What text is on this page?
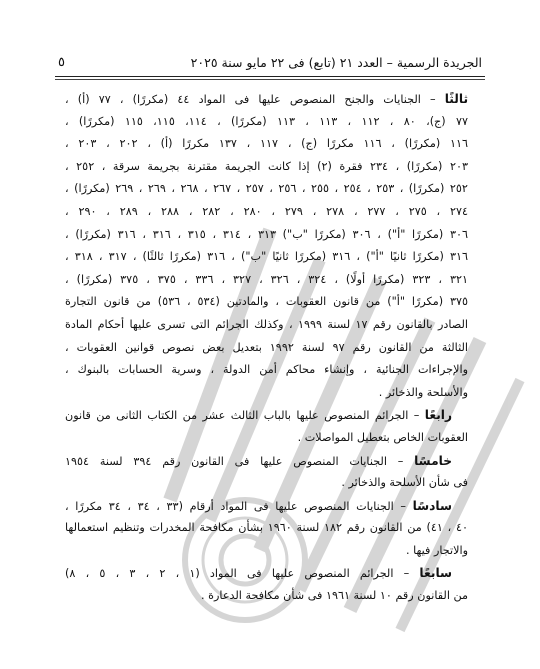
الجريدة الرسمية – العدد ٢١ (تابع) فى ٢٢ مايو سنة ٢٠٢٥
٥
ثالثًا – الجنايات والجنح المنصوص عليها فى المواد ٤٤ (مكررًا) ، ٧٧ (أ) ،
٧٧ (ج)، ٨٠ ، ١١٢ ، ١١٣ ، ١١٣ (مكررًا) ، ١١٤، ١١٥، ١١٥ (مكررًا) ،
١١٦ (مكررًا) ، ١١٦ مكررًا (ج) ، ١١٧ ، ١٣٧ مكررًا (أ) ، ٢٠٢ ، ٢٠٣ ،
٢٠٣ (مكررًا) ، ٢٣٤ فقرة (٢) إذا كانت الجريمة مقترنة بجريمة سرقة ، ٢٥٢ ،
٢٥٢ (مكررًا) ، ٢٥٣ ، ٢٥٤ ، ٢٥٥ ، ٢٥٦ ، ٢٥٧ ، ٢٦٧ ، ٢٦٨ ، ٢٦٩ ، ٢٦٩ (مكررًا) ،
٢٧٤ ، ٢٧٥ ، ٢٧٧ ، ٢٧٨ ، ٢٧٩ ، ٢٨٠ ، ٢٨٢ ، ٢٨٨ ، ٢٨٩ ، ٢٩٠ ،
٣٠٦ (مكررًا "أ") ، ٣٠٦ (مكررًا "ب") ٣١٣ ، ٣١٤ ، ٣١٥ ، ٣١٦ ، ٣١٦ (مكررًا) ،
٣١٦ (مكررًا ثانيًا "أ") ، ٣١٦ (مكررًا ثانيًا "ب") ، ٣١٦ (مكررًا ثالثًا) ، ٣١٧ ، ٣١٨ ،
٣٢١ ، ٣٢٣ (مكررًا أولًا) ، ٣٢٤ ، ٣٢٦ ، ٣٢٧ ، ٣٣٦ ، ٣٧٥ ، ٣٧٥ (مكررًا) ،
٣٧٥ (مكررًا "أ") من قانون العقوبات ، والمادتين (٥٣٤ ، ٥٣٦) من قانون التجارة
الصادر بالقانون رقم ١٧ لسنة ١٩٩٩ ، وكذلك الجرائم التى تسرى عليها أحكام المادة
الثالثة من القانون رقم ٩٧ لسنة ١٩٩٢ بتعديل بعض نصوص قوانين العقوبات ،
والإجراءات الجنائية ، وإنشاء محاكم أمن الدولة ، وسرية الحسابات بالبنوك ،
والأسلحة والذخائر .
رابعًا – الجرائم المنصوص عليها بالباب الثالث عشر من الكتاب الثانى من قانون
العقوبات الخاص بتعطيل المواصلات .
خامسًا – الجنايات المنصوص عليها فى القانون رقم ٣٩٤ لسنة ١٩٥٤
فى شأن الأسلحة والذخائر .
سادسًا – الجنايات المنصوص عليها فى المواد أرقام (٣٣ ، ٣٤ ، ٣٤ مكررًا ،
٤٠ ، ٤١) من القانون رقم ١٨٢ لسنة ١٩٦٠ بشأن مكافحة المخدرات وتنظيم استعمالها
والاتجار فيها .
سابعًا – الجرائم المنصوص عليها فى المواد (١ ، ٢ ، ٣ ، ٥ ، ٨)
من القانون رقم ١٠ لسنة ١٩٦١ فى شأن مكافحة الدعارة .
